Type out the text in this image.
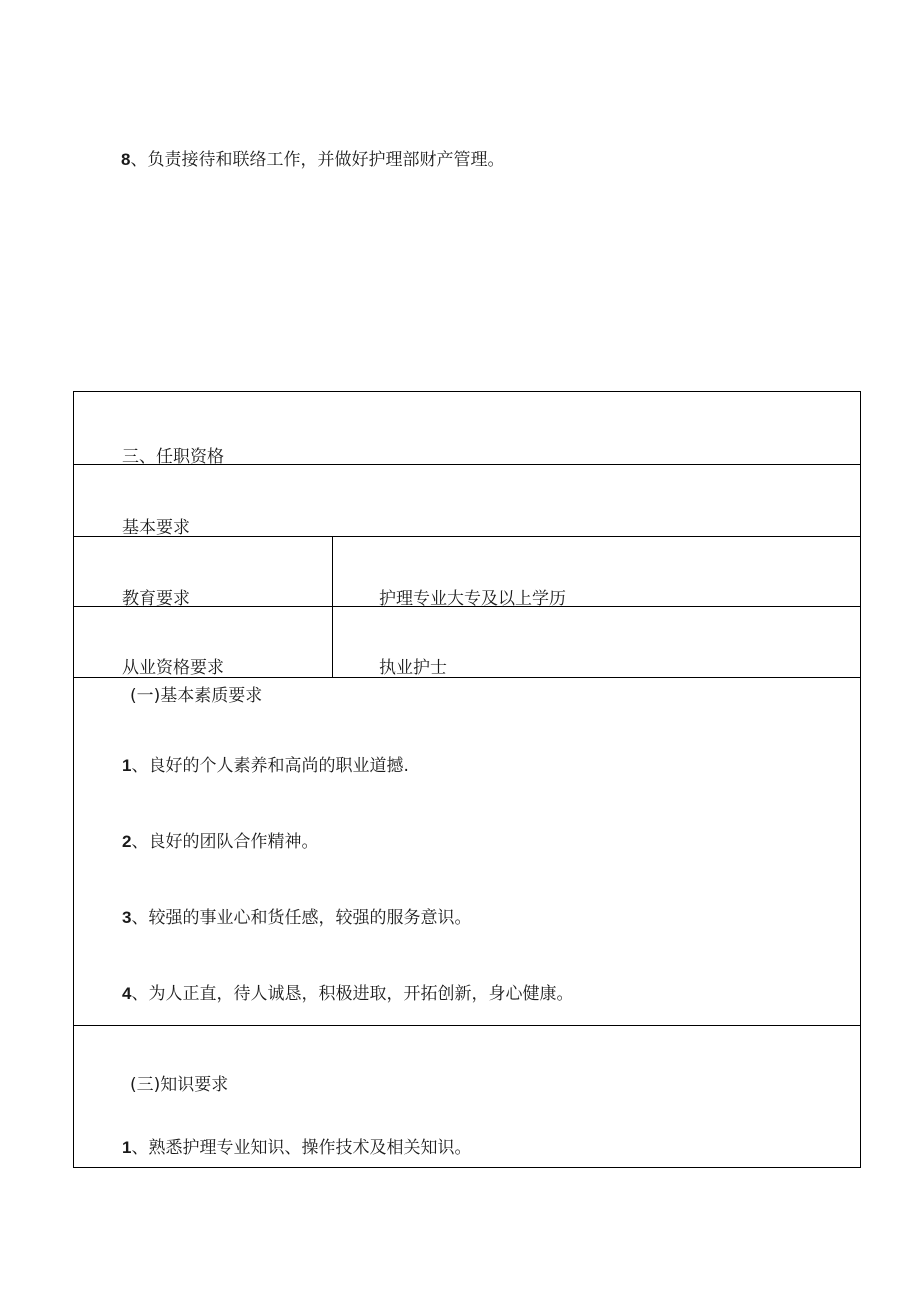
8、负责接待和联络工作，并做好护理部财产管理。
三、任职资格
基本要求
教育要求	护理专业大专及以上学历
从业资格要求	执业护士
(一)基本素质要求
1、良好的个人素养和高尚的职业道撼.
2、良好的团队合作精神。
3、较强的事业心和货任感，较强的服务意识。
4、为人正直，待人诚恳，积极进取，开拓创新，身心健康。
(三)知识要求
1、熟悉护理专业知识、操作技术及相关知识。
